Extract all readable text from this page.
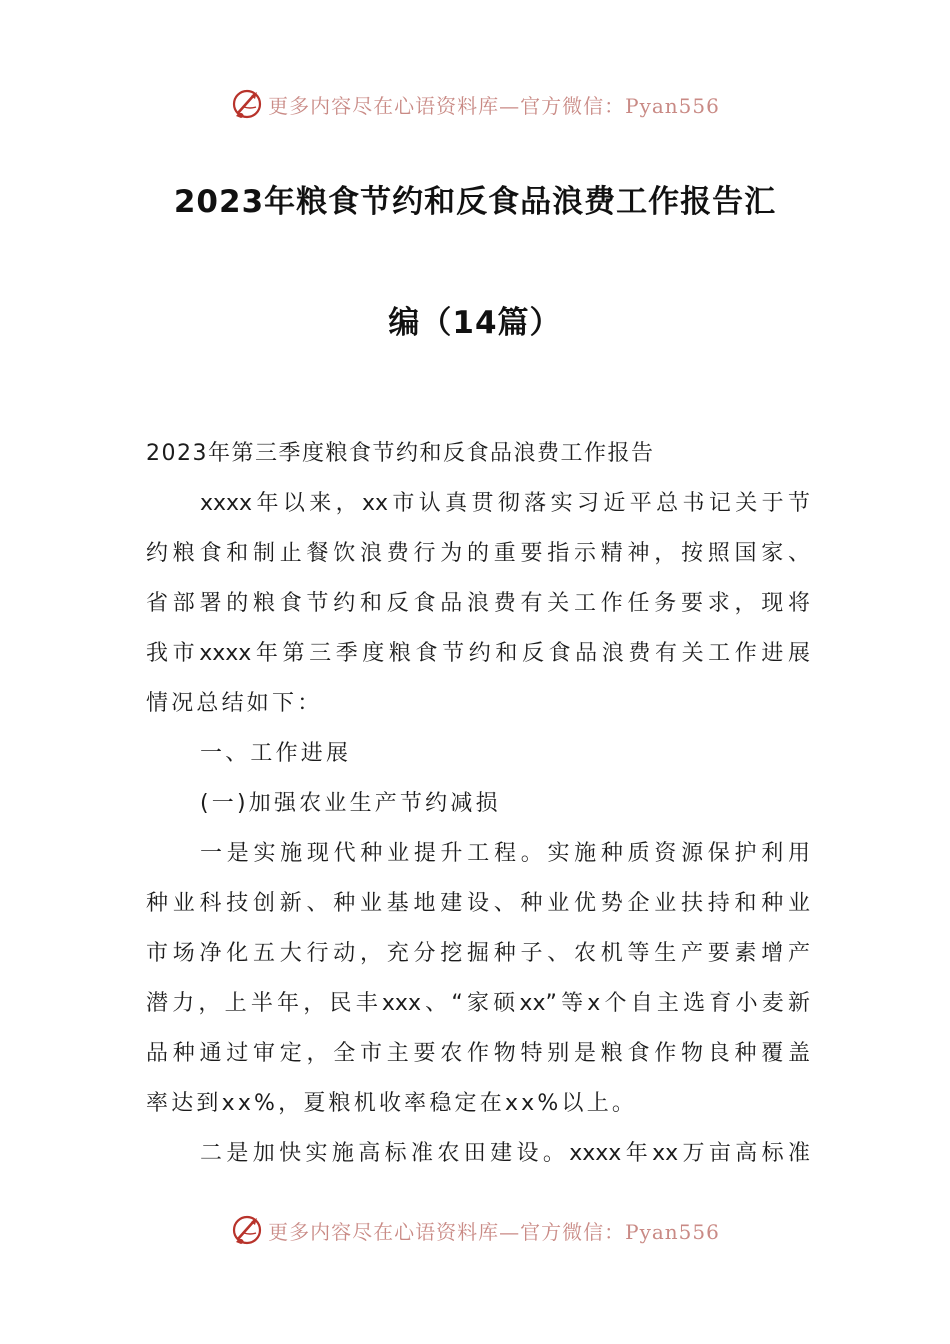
更多内容尽在心语资料库—官方微信：Pyan556
2023年粮食节约和反食品浪费工作报告汇
编（14篇）
2023年第三季度粮食节约和反食品浪费工作报告
xxxx年以来，xx市认真贯彻落实习近平总书记关于节
约粮食和制止餐饮浪费行为的重要指示精神，按照国家、
省部署的粮食节约和反食品浪费有关工作任务要求，现将
我市xxxx年第三季度粮食节约和反食品浪费有关工作进展
情况总结如下：
一、工作进展
(一)加强农业生产节约减损
一是实施现代种业提升工程。实施种质资源保护利用
种业科技创新、种业基地建设、种业优势企业扶持和种业
市场净化五大行动，充分挖掘种子、农机等生产要素增产
潜力，上半年，民丰xxx、“家硕xx”等x个自主选育小麦新
品种通过审定，全市主要农作物特别是粮食作物良种覆盖
率达到xx%，夏粮机收率稳定在xx%以上。
二是加快实施高标准农田建设。xxxx年xx万亩高标准
更多内容尽在心语资料库—官方微信：Pyan556
